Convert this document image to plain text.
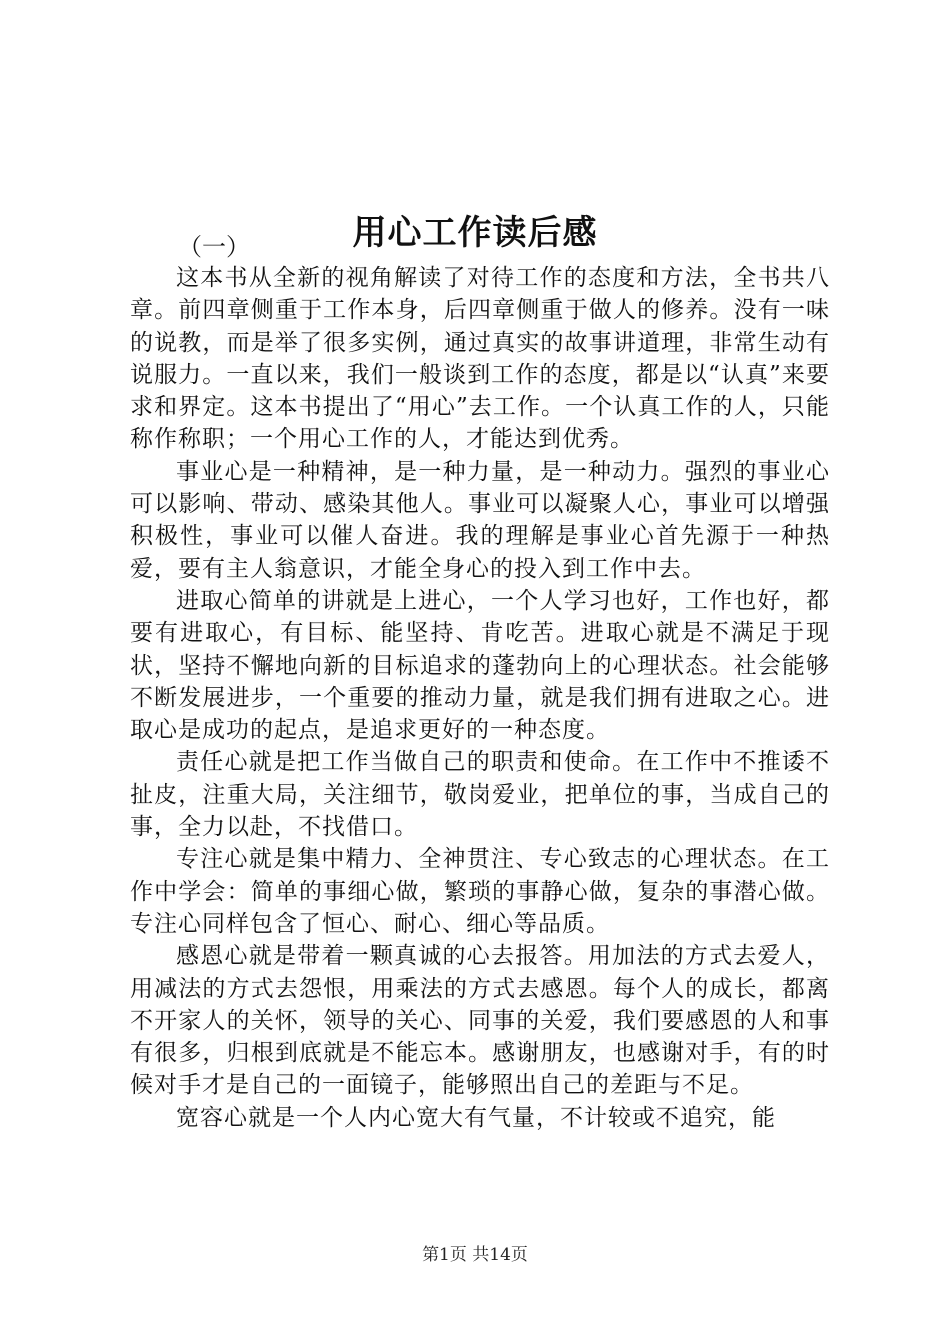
用心工作读后感

（一）

这本书从全新的视角解读了对待工作的态度和方法，全书共八章。前四章侧重于工作本身，后四章侧重于做人的修养。没有一味的说教，而是举了很多实例，通过真实的故事讲道理，非常生动有说服力。一直以来，我们一般谈到工作的态度，都是以“认真”来要求和界定。这本书提出了“用心”去工作。一个认真工作的人，只能称作称职；一个用心工作的人，才能达到优秀。

事业心是一种精神，是一种力量，是一种动力。强烈的事业心可以影响、带动、感染其他人。事业可以凝聚人心，事业可以增强积极性，事业可以催人奋进。我的理解是事业心首先源于一种热爱，要有主人翁意识，才能全身心的投入到工作中去。

进取心简单的讲就是上进心，一个人学习也好，工作也好，都要有进取心，有目标、能坚持、肯吃苦。进取心就是不满足于现状，坚持不懈地向新的目标追求的蓬勃向上的心理状态。社会能够不断发展进步，一个重要的推动力量，就是我们拥有进取之心。进取心是成功的起点，是追求更好的一种态度。

责任心就是把工作当做自己的职责和使命。在工作中不推诿不扯皮，注重大局，关注细节，敬岗爱业，把单位的事，当成自己的事，全力以赴，不找借口。

专注心就是集中精力、全神贯注、专心致志的心理状态。在工作中学会：简单的事细心做，繁琐的事静心做，复杂的事潜心做。专注心同样包含了恒心、耐心、细心等品质。

感恩心就是带着一颗真诚的心去报答。用加法的方式去爱人，用减法的方式去怨恨，用乘法的方式去感恩。每个人的成长，都离不开家人的关怀，领导的关心、同事的关爱，我们要感恩的人和事有很多，归根到底就是不能忘本。感谢朋友，也感谢对手，有的时候对手才是自己的一面镜子，能够照出自己的差距与不足。

宽容心就是一个人内心宽大有气量，不计较或不追究，能

第1页 共14页
